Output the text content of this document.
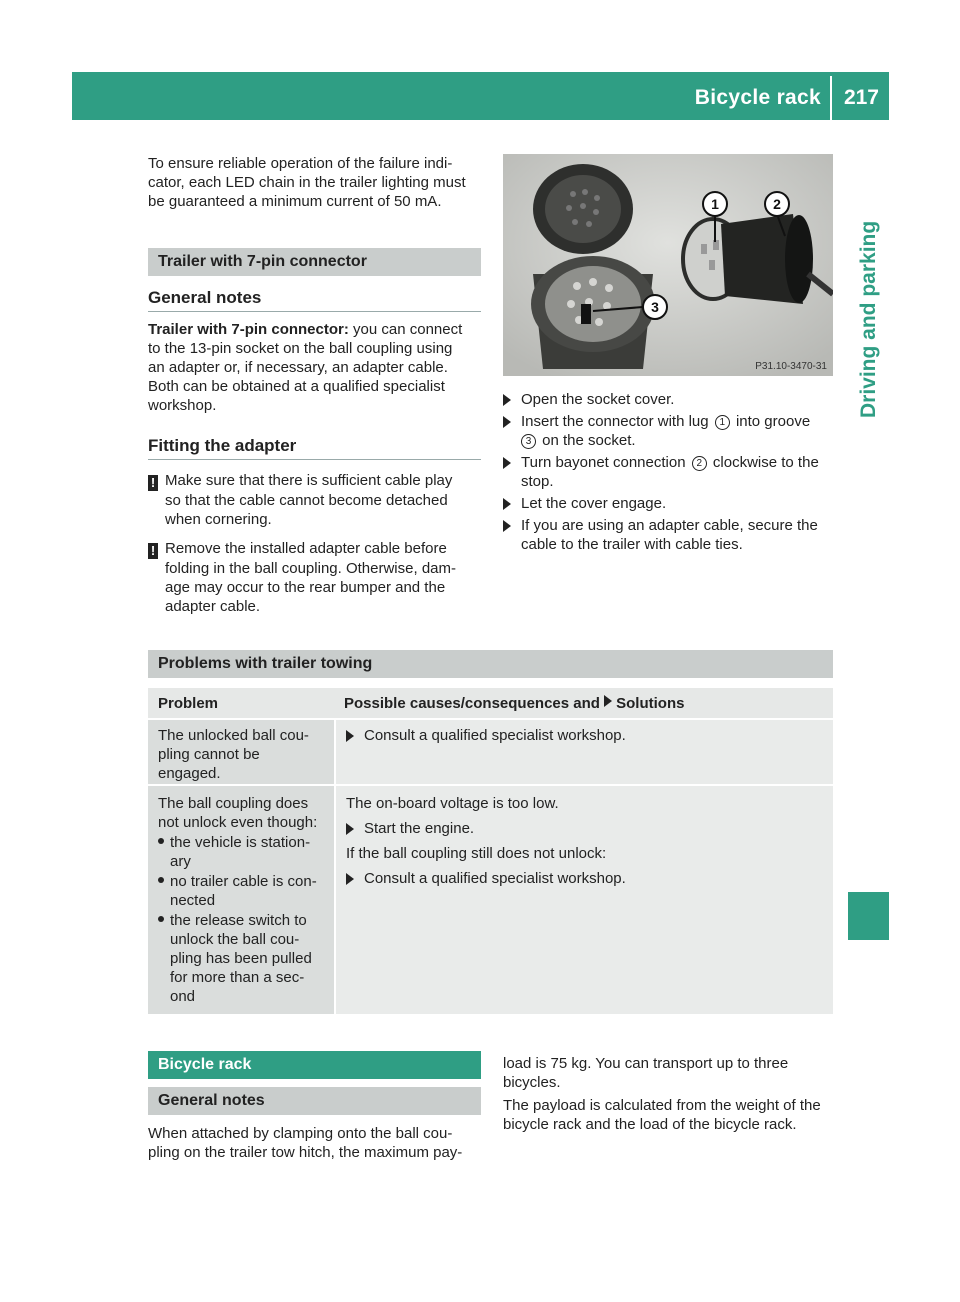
Bicycle rack 217
Driving and parking
To ensure reliable operation of the failure indi-
cator, each LED chain in the trailer lighting must
be guaranteed a minimum current of 50 mA.
Trailer with 7-pin connector
General notes
Trailer with 7-pin connector: you can connect
to the 13-pin socket on the ball coupling using
an adapter or, if necessary, an adapter cable.
Both can be obtained at a qualified specialist
workshop.
Fitting the adapter
! Make sure that there is sufficient cable play
so that the cable cannot become detached
when cornering.
! Remove the installed adapter cable before
folding in the ball coupling. Otherwise, dam-
age may occur to the rear bumper and the
adapter cable.
1	2
3
P31.10-3470-31
Open the socket cover.
Insert the connector with lug 1 into groove
3 on the socket.
Turn bayonet connection 2 clockwise to the
stop.
Let the cover engage.
If you are using an adapter cable, secure the
cable to the trailer with cable ties.
Problems with trailer towing
Problem	Possible causes/consequences and Solutions
The unlocked ball cou-
pling cannot be
engaged.
Consult a qualified specialist workshop.
The ball coupling does
not unlock even though:
the vehicle is station-
ary
no trailer cable is con-
nected
the release switch to
unlock the ball cou-
pling has been pulled
for more than a sec-
ond
The on-board voltage is too low.
Start the engine.
If the ball coupling still does not unlock:
Consult a qualified specialist workshop.
Bicycle rack
General notes
When attached by clamping onto the ball cou-
pling on the trailer tow hitch, the maximum pay-
load is 75 kg. You can transport up to three
bicycles.
The payload is calculated from the weight of the
bicycle rack and the load of the bicycle rack.
